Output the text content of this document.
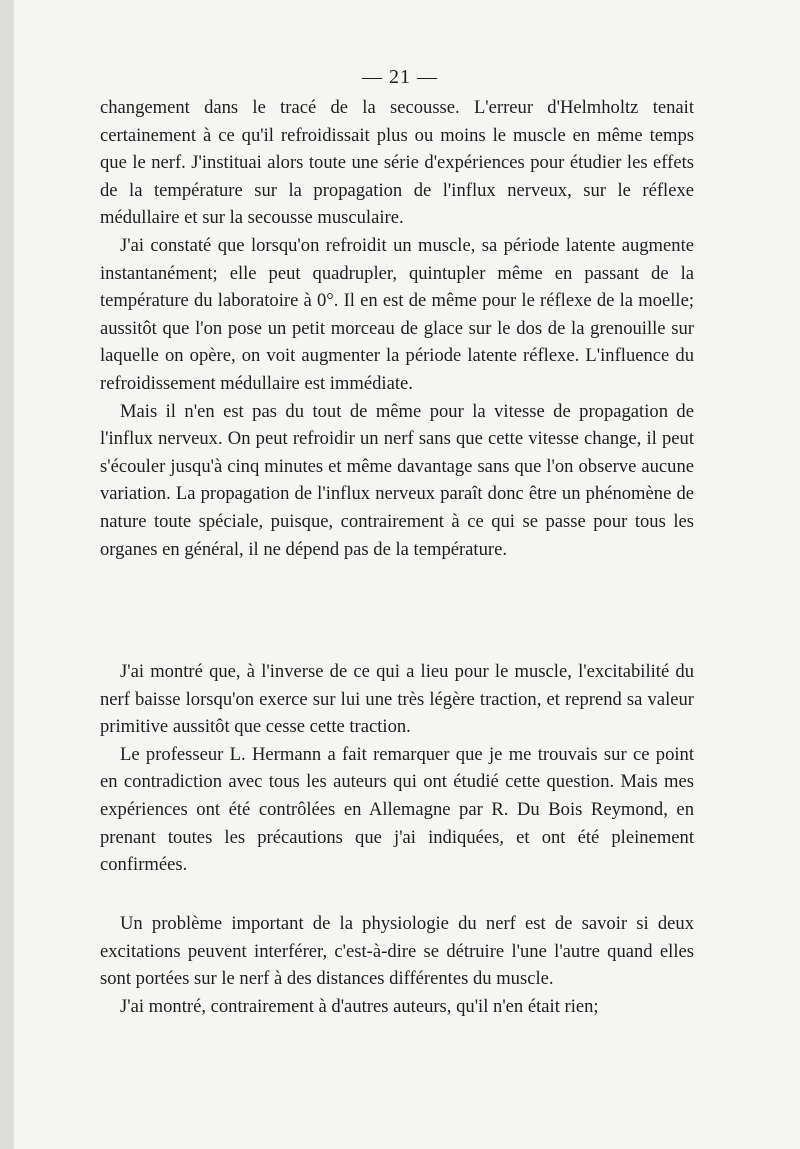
— 21 —

changement dans le tracé de la secousse. L'erreur d'Helmholtz tenait certainement à ce qu'il refroidissait plus ou moins le muscle en même temps que le nerf. J'instituai alors toute une série d'expériences pour étudier les effets de la température sur la propagation de l'influx nerveux, sur le réflexe médullaire et sur la secousse musculaire.

J'ai constaté que lorsqu'on refroidit un muscle, sa période latente augmente instantanément; elle peut quadrupler, quintupler même en passant de la température du laboratoire à 0°. Il en est de même pour le réflexe de la moelle; aussitôt que l'on pose un petit morceau de glace sur le dos de la grenouille sur laquelle on opère, on voit augmenter la période latente réflexe. L'influence du refroidissement médullaire est immédiate.

Mais il n'en est pas du tout de même pour la vitesse de propagation de l'influx nerveux. On peut refroidir un nerf sans que cette vitesse change, il peut s'écouler jusqu'à cinq minutes et même davantage sans que l'on observe aucune variation. La propagation de l'influx nerveux paraît donc être un phénomène de nature toute spéciale, puisque, contrairement à ce qui se passe pour tous les organes en général, il ne dépend pas de la température.

J'ai montré que, à l'inverse de ce qui a lieu pour le muscle, l'excitabilité du nerf baisse lorsqu'on exerce sur lui une très légère traction, et reprend sa valeur primitive aussitôt que cesse cette traction.

Le professeur L. Hermann a fait remarquer que je me trouvais sur ce point en contradiction avec tous les auteurs qui ont étudié cette question. Mais mes expériences ont été contrôlées en Allemagne par R. Du Bois Reymond, en prenant toutes les précautions que j'ai indiquées, et ont été pleinement confirmées.

Un problème important de la physiologie du nerf est de savoir si deux excitations peuvent interférer, c'est-à-dire se détruire l'une l'autre quand elles sont portées sur le nerf à des distances différentes du muscle.

J'ai montré, contrairement à d'autres auteurs, qu'il n'en était rien;
